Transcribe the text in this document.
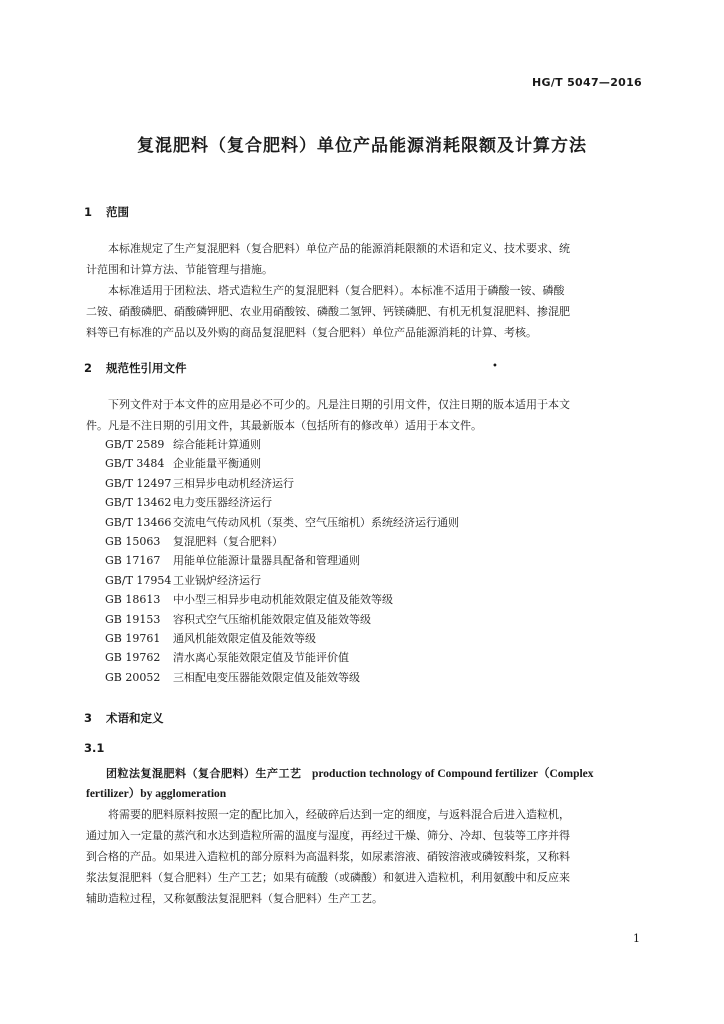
HG/T 5047—2016
复混肥料（复合肥料）单位产品能源消耗限额及计算方法
1 范围
本标准规定了生产复混肥料（复合肥料）单位产品的能源消耗限额的术语和定义、技术要求、统
计范围和计算方法、节能管理与措施。
本标准适用于团粒法、塔式造粒生产的复混肥料（复合肥料）。本标准不适用于磷酸一铵、磷酸
二铵、硝酸磷肥、硝酸磷钾肥、农业用硝酸铵、磷酸二氢钾、钙镁磷肥、有机无机复混肥料、掺混肥
料等已有标准的产品以及外购的商品复混肥料（复合肥料）单位产品能源消耗的计算、考核。
2 规范性引用文件	•
下列文件对于本文件的应用是必不可少的。凡是注日期的引用文件，仅注日期的版本适用于本文
件。凡是不注日期的引用文件，其最新版本（包括所有的修改单）适用于本文件。
GB/T 2589 综合能耗计算通则
GB/T 3484 企业能量平衡通则
GB/T 12497 三相异步电动机经济运行
GB/T 13462 电力变压器经济运行
GB/T 13466 交流电气传动风机（泵类、空气压缩机）系统经济运行通则
GB 15063 复混肥料（复合肥料）
GB 17167 用能单位能源计量器具配备和管理通则
GB/T 17954 工业锅炉经济运行
GB 18613 中小型三相异步电动机能效限定值及能效等级
GB 19153 容积式空气压缩机能效限定值及能效等级
GB 19761 通风机能效限定值及能效等级
GB 19762 清水离心泵能效限定值及节能评价值
GB 20052 三相配电变压器能效限定值及能效等级
3 术语和定义
3.1
团粒法复混肥料（复合肥料）生产工艺 production technology of Compound fertilizer（Complex
fertilizer）by agglomeration
将需要的肥料原料按照一定的配比加入，经破碎后达到一定的细度，与返料混合后进入造粒机，
通过加入一定量的蒸汽和水达到造粒所需的温度与湿度，再经过干燥、筛分、冷却、包装等工序并得
到合格的产品。如果进入造粒机的部分原料为高温料浆，如尿素溶液、硝铵溶液或磷铵料浆，又称料
浆法复混肥料（复合肥料）生产工艺；如果有硫酸（或磷酸）和氨进入造粒机，利用氨酸中和反应来
辅助造粒过程，又称氨酸法复混肥料（复合肥料）生产工艺。
1
